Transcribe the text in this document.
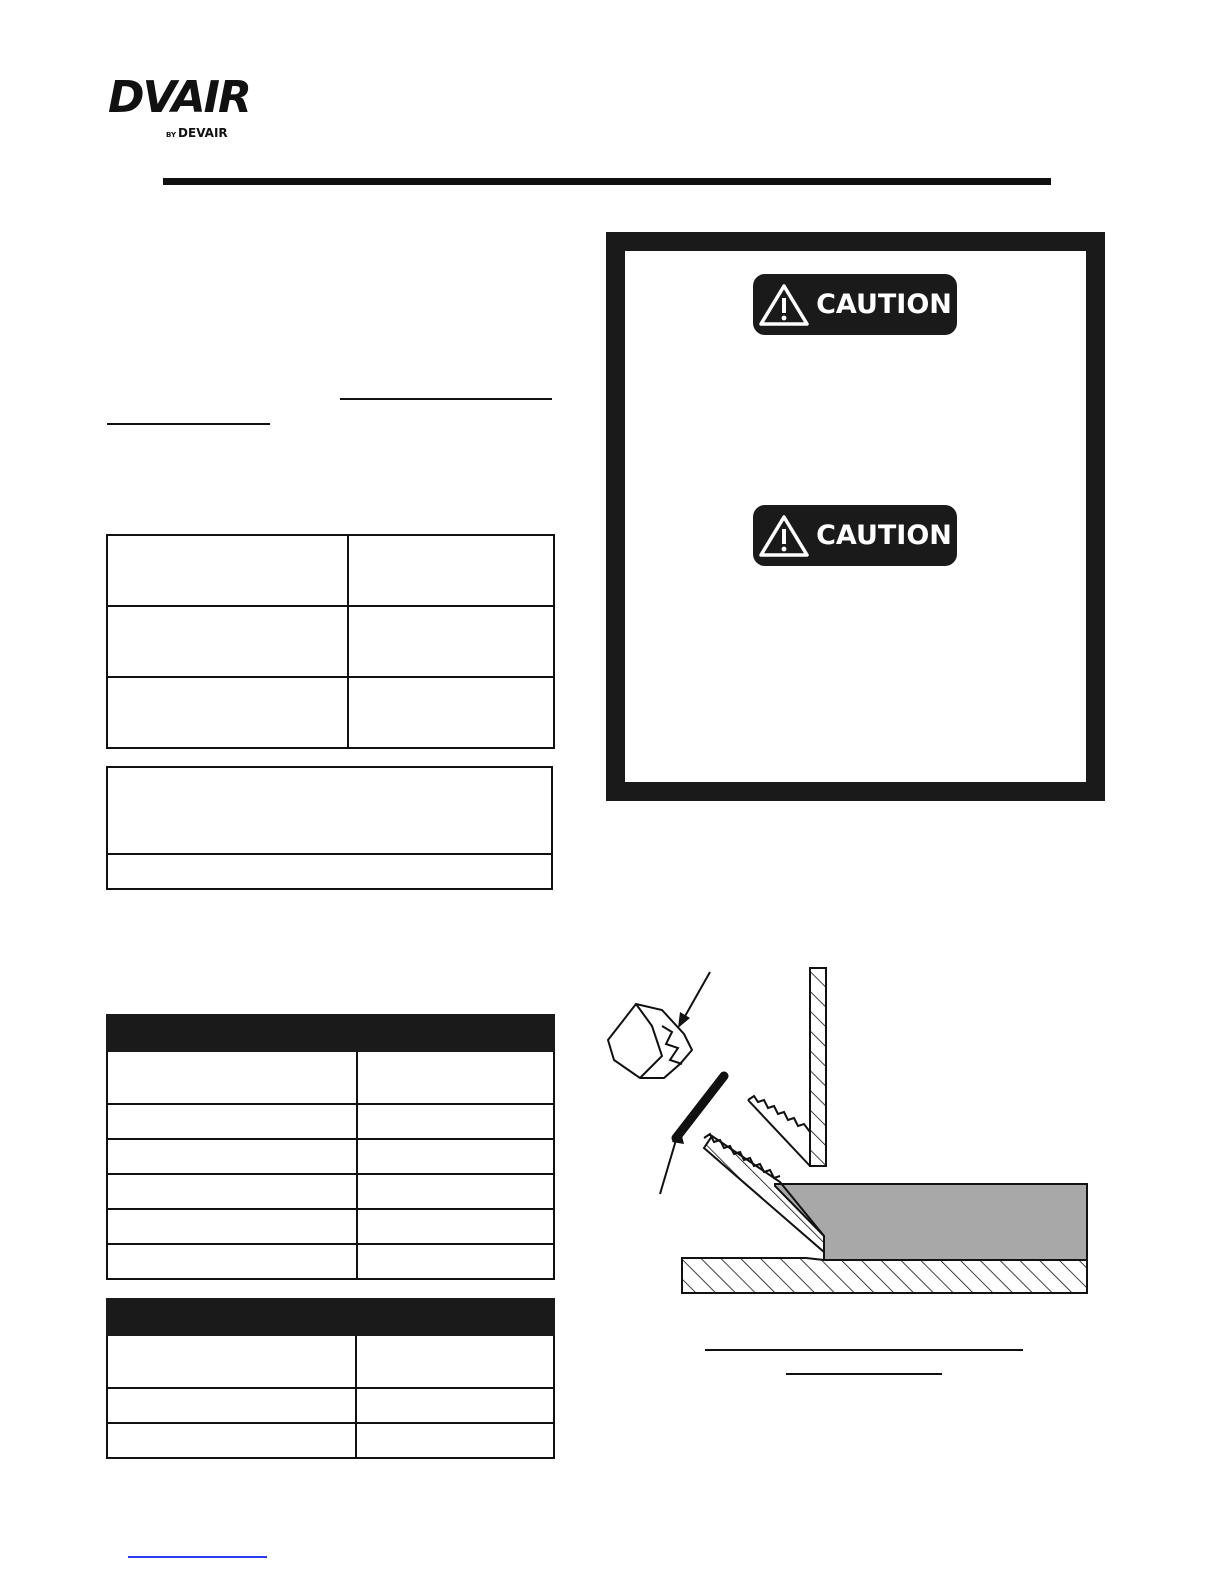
DVAIR
BY DEVAIR

CAUTION
CAUTION
